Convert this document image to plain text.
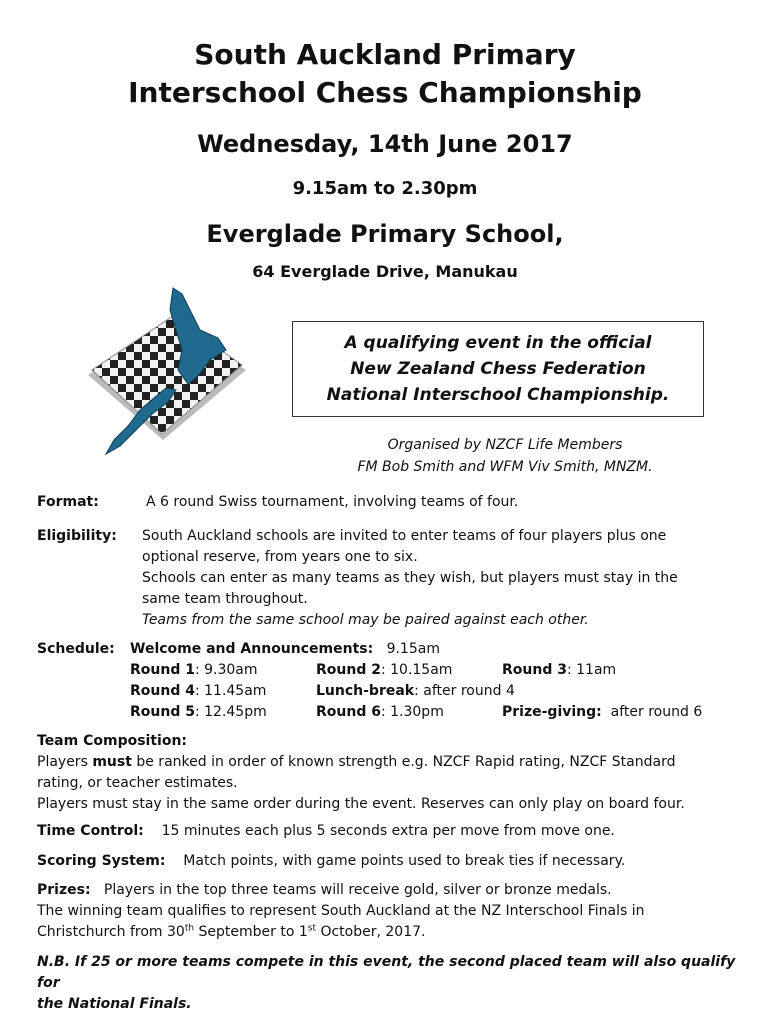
South Auckland Primary
Interschool Chess Championship
Wednesday, 14th June 2017
9.15am to 2.30pm
Everglade Primary School,
64 Everglade Drive, Manukau
A qualifying event in the official
New Zealand Chess Federation
National Interschool Championship.
Organised by NZCF Life Members
FM Bob Smith and WFM Viv Smith, MNZM.
Format:	A 6 round Swiss tournament, involving teams of four.
Eligibility: South Auckland schools are invited to enter teams of four players plus one
optional reserve, from years one to six.
Schools can enter as many teams as they wish, but players must stay in the
same team throughout.
Teams from the same school may be paired against each other.
Schedule: Welcome and Announcements: 9.15am
Round 1: 9.30am	Round 2: 10.15am	Round 3: 11am
Round 4: 11.45am	Lunch-break: after round 4
Round 5: 12.45pm	Round 6: 1.30pm	Prize-giving: after round 6
Team Composition:
Players must be ranked in order of known strength e.g. NZCF Rapid rating, NZCF Standard
rating, or teacher estimates.
Players must stay in the same order during the event. Reserves can only play on board four.
Time Control: 15 minutes each plus 5 seconds extra per move from move one.
Scoring System: Match points, with game points used to break ties if necessary.
Prizes: Players in the top three teams will receive gold, silver or bronze medals.
The winning team qualifies to represent South Auckland at the NZ Interschool Finals in
Christchurch from 30th September to 1st October, 2017.
N.B. If 25 or more teams compete in this event, the second placed team will also qualify for
the National Finals.
